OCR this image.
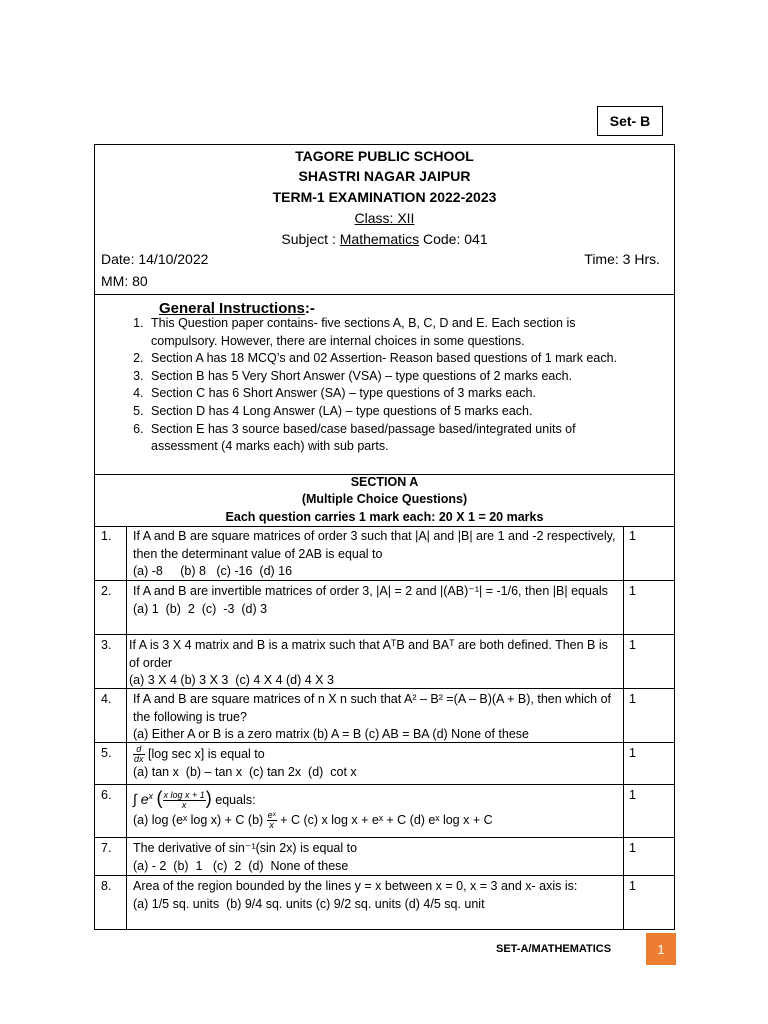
Set- B
TAGORE PUBLIC SCHOOL
SHASTRI NAGAR JAIPUR
TERM-1 EXAMINATION 2022-2023
Class: XII
Subject : Mathematics Code: 041
Date: 14/10/2022	Time: 3 Hrs.
MM: 80
General Instructions:-
1. This Question paper contains- five sections A, B, C, D and E. Each section is compulsory. However, there are internal choices in some questions.
2. Section A has 18 MCQ’s and 02 Assertion- Reason based questions of 1 mark each.
3. Section B has 5 Very Short Answer (VSA) – type questions of 2 marks each.
4. Section C has 6 Short Answer (SA) – type questions of 3 marks each.
5. Section D has 4 Long Answer (LA) – type questions of 5 marks each.
6. Section E has 3 source based/case based/passage based/integrated units of assessment (4 marks each) with sub parts.
SECTION A
(Multiple Choice Questions)
Each question carries 1 mark each: 20 X 1 = 20 marks
1. If A and B are square matrices of order 3 such that |A| and |B| are 1 and -2 respectively, then the determinant value of 2AB is equal to
(a) -8     (b) 8   (c) -16  (d) 16
1
2. If A and B are invertible matrices of order 3, |A| = 2 and |(AB)⁻¹| = -1/6, then |B| equals
(a) 1  (b)  2  (c)  -3  (d) 3
1
3. If A is 3 X 4 matrix and B is a matrix such that AᵀB and BAᵀ are both defined. Then B is of order
(a) 3 X 4 (b) 3 X 3  (c) 4 X 4 (d) 4 X 3
1
4. If A and B are square matrices of n X n such that A² – B² =(A – B)(A + B), then which of the following is true?
(a) Either A or B is a zero matrix (b) A = B (c) AB = BA (d) None of these
1
5. $\frac{d}{dx} [\log$ sec x] is equal to
(a) tan x  (b) – tan x  (c) tan 2x  (d)  cot x
1
6. ∫ $e^x$ ( $\frac{\text{x log x + 1}}{x}$ ) equals:
(a) log (eˣ log x) + C $(b) \frac{\text{eˣ}}{x} + C$ (c) x log x + eˣ + C (d) eˣ log x + C
1
7. The derivative of sin⁻¹(sin 2x) is equal to
(a) - 2  (b)  1   (c)  2  (d)  None of these
1
8. Area of the region bounded by the lines y = x between x = 0, x = 3 and x- axis is:
(a) 1/5 sq. units  (b) 9/4 sq. units (c) 9/2 sq. units (d) 4/5 sq. unit
1
SET-A/MATHEMATICS	1
